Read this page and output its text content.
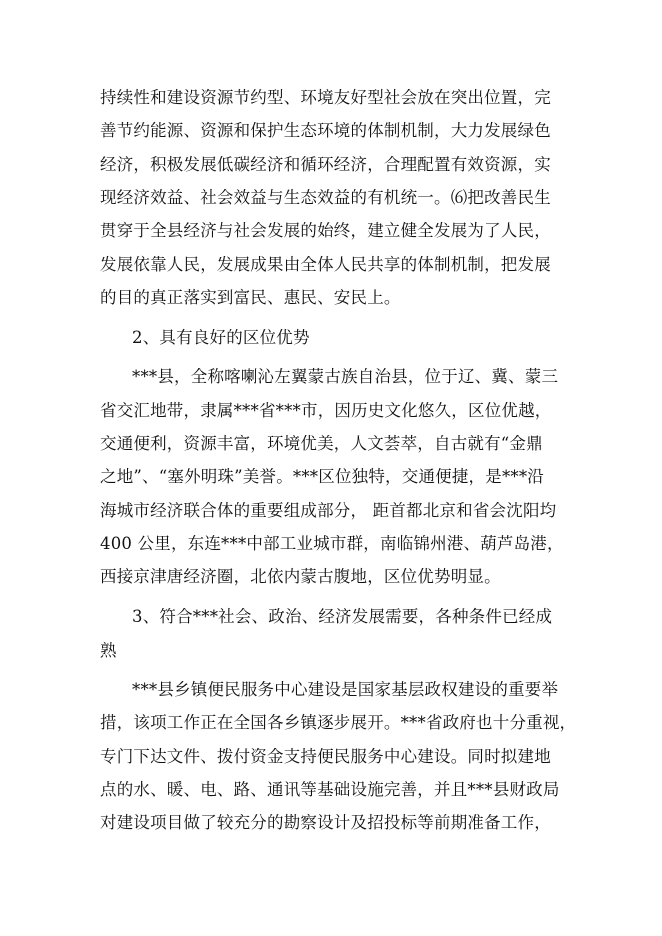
持续性和建设资源节约型、环境友好型社会放在突出位置，完
善节约能源、资源和保护生态环境的体制机制，大力发展绿色
经济，积极发展低碳经济和循环经济，合理配置有效资源，实
现经济效益、社会效益与生态效益的有机统一。⑹把改善民生
贯穿于全县经济与社会发展的始终，建立健全发展为了人民，
发展依靠人民，发展成果由全体人民共享的体制机制，把发展
的目的真正落实到富民、惠民、安民上。
2、具有良好的区位优势
***县，全称喀喇沁左翼蒙古族自治县，位于辽、冀、蒙三
省交汇地带，隶属***省***市，因历史文化悠久，区位优越，
交通便利，资源丰富，环境优美，人文荟萃，自古就有“金鼎
之地”、“塞外明珠”美誉。***区位独特，交通便捷，是***沿
海城市经济联合体的重要组成部分， 距首都北京和省会沈阳均
400 公里，东连***中部工业城市群，南临锦州港、葫芦岛港，
西接京津唐经济圈，北依内蒙古腹地，区位优势明显。
3、符合***社会、政治、经济发展需要，各种条件已经成
熟
***县乡镇便民服务中心建设是国家基层政权建设的重要举
措，该项工作正在全国各乡镇逐步展开。***省政府也十分重视，
专门下达文件、拨付资金支持便民服务中心建设。同时拟建地
点的水、暖、电、路、通讯等基础设施完善，并且***县财政局
对建设项目做了较充分的勘察设计及招投标等前期准备工作，
